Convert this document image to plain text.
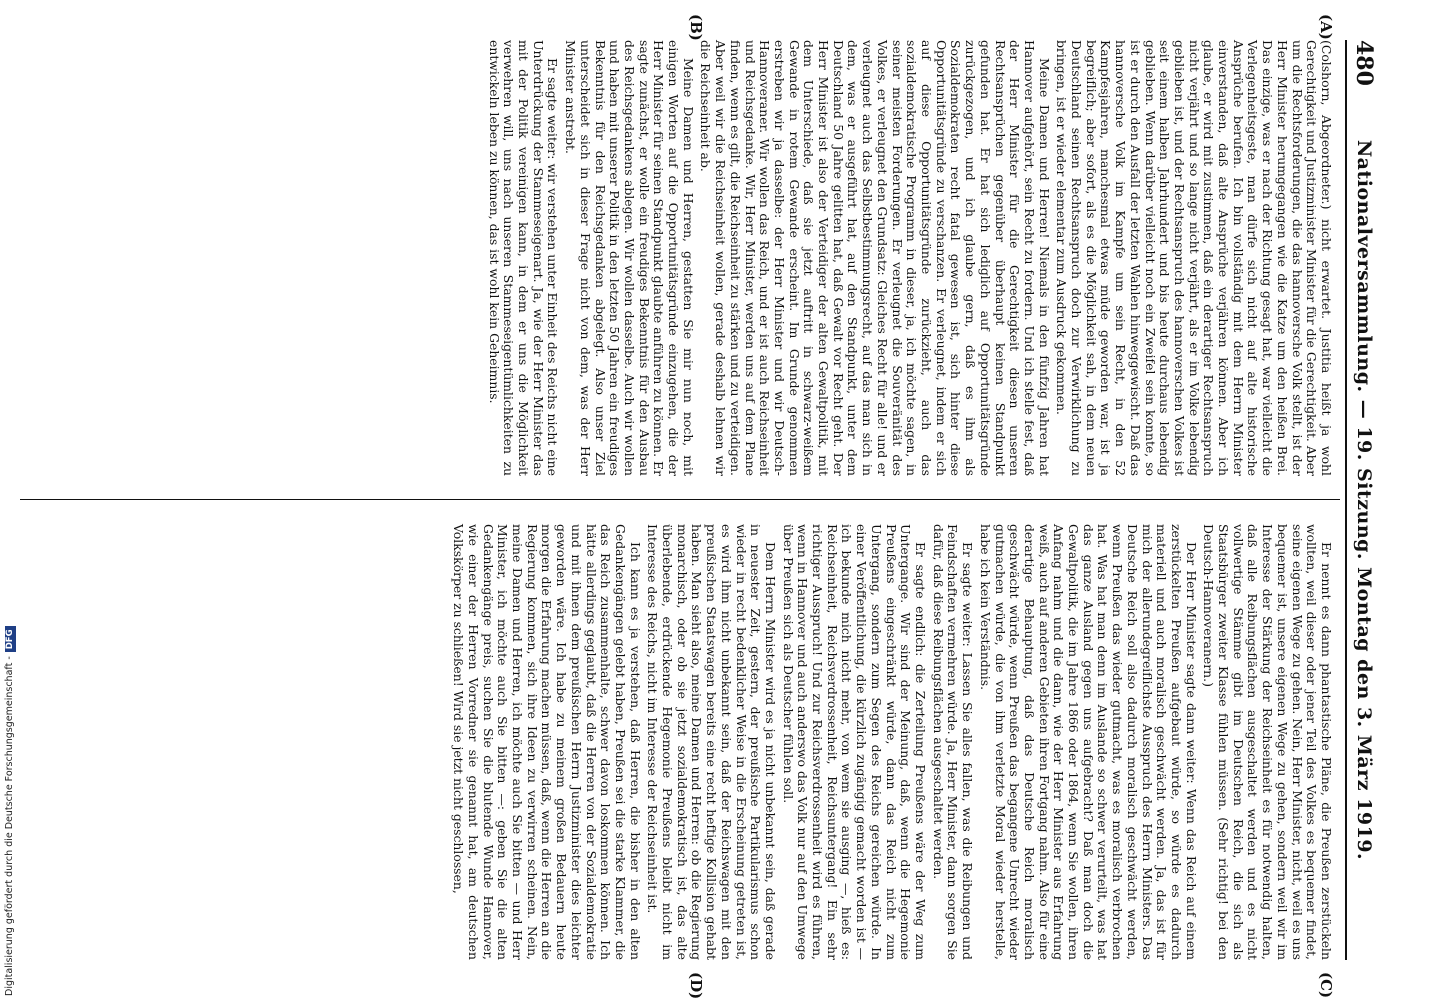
480
Nationalversammlung. — 19. Sitzung. Montag den 3. März 1919.
(A)
(B)
(C)
(D)

(Colshorn, Abgeordneter.) nicht erwartet. Justitia heißt ja wohl Gerechtigkeit und Justizminister Minister für die Gerechtigkeit. Aber um die Rechtsforderungen, die das hannoversche Volk stellt, ist der Herr Minister herumgegangen wie die Katze um den heißen Brei. Das einzige, was er nach der Richtung gesagt hat, war vielleicht die Verlegenheitsgeste, man dürfe sich nicht auf alte historische Ansprüche berufen. Ich bin vollständig mit dem Herrn Minister einverstanden, daß alte Ansprüche verjähren können. Aber ich glaube, er wird mit zustimmen, daß ein derartiger Rechtsanspruch nicht verjährt und so lange nicht verjährt, als er im Volke lebendig geblieben ist, und der Rechtsanspruch des hannoverschen Volkes ist seit einem halben Jahrhundert und bis heute durchaus lebendig geblieben. Wenn darüber vielleicht noch ein Zweifel sein konnte, so ist er durch den Ausfall der letzten Wahlen hinweggewischt. Daß das hannoversche Volk im Kampfe um sein Recht, in den 52 Kampfesjahren, manchesmal etwas müde geworden war, ist ja begreiflich; aber sofort, als es die Möglichkeit sah, in dem neuen Deutschland seinen Rechtsanspruch doch zur Verwirklichung zu bringen, ist er wieder elementar zum Ausdruck gekommen.

Meine Damen und Herren! Niemals in den fünfzig Jahren hat Hannover aufgehört, sein Recht zu fordern. Und ich stelle fest, daß der Herr Minister für die Gerechtigkeit diesen unseren Rechtsansprüchen gegenüber überhaupt keinen Standpunkt gefunden hat. Er hat sich lediglich auf Opportunitätsgründe zurückgezogen, und ich glaube gern, daß es ihm als Sozialdemokraten recht fatal gewesen ist, sich hinter diese Opportunitätsgründe zu verschanzen. Er verleugnet, indem er sich auf diese Opportunitätsgründe zurückzieht, auch das sozialdemokratische Programm in dieser, ja, ich möchte sagen, in seiner meisten Forderungen. Er verleugnet die Souveränität des Volkes, er verleugnet den Grundsatz: Gleiches Recht für alle! und er verleugnet auch das Selbstbestimmungsrecht, auf das man sich in dem, was er ausgeführt hat, auf den Standpunkt, unter dem Deutschland 50 Jahre gelitten hat, daß Gewalt vor Recht geht. Der Herr Minister ist also der Verteidiger der alten Gewaltpolitik, mit dem Unterschiede, daß sie jetzt auftritt in schwarz-weißem Gewande in rotem Gewande erscheint. Im Grunde genommen erstreben wir ja dasselbe: der Herr Minister und wir Deutsch-Hannoveraner. Wir wollen das Reich, und er ist auch Reichseinheit und Reichsgedanke. Wir, Herr Minister, werden uns auf dem Plane finden, wenn es gilt, die Reichseinheit zu stärken und zu verteidigen. Aber weil wir die Reichseinheit wollen, gerade deshalb lehnen wir die Reichseinheit ab.

Meine Damen und Herren, gestatten Sie mir nun noch, mit einigen Worten auf die Opportunitätsgründe einzugehen, die der Herr Minister für seinen Standpunkt glaubte anführen zu können. Er sagte zunächst, er wolle ein freudiges Bekenntnis für den Ausbau des Reichsgedankens ablegen. Wir wollen dasselbe. Auch wir wollen und haben mit unserer Politik in den letzten 50 Jahren ein freudiges Bekenntnis für den Reichsgedanken abgelegt. Also unser Ziel unterscheidet sich in dieser Frage nicht von dem, was der Herr Minister anstrebt.

Er sagte weiter: wir verstehen unter Einheit des Reichs nicht eine Unterdrückung der Stammeseigenart. Ja, wie der Herr Minister das mit der Politik vereinigen kann, in dem er uns die Möglichkeit verwehren will, uns nach unseren Stammeseigentümlichkeiten zu entwickeln leben zu können, das ist wohl kein Geheimnis.

Er nennt es dann phantastische Pläne, die Preußen zerstückeln wollten, weil dieser oder jener Teil des Volkes es bequemer findet, seine eigenen Wege zu gehen. Nein, Herr Minister, nicht, weil es uns bequemer ist, unsere eigenen Wege zu gehen, sondern weil wir im Interesse der Stärkung der Reichseinheit es für notwendig halten, daß alle Reibungsflächen ausgeschaltet werden und es nicht vollwertige Stämme gibt im Deutschen Reich, die sich als Staatsbürger zweiter Klasse fühlen müssen. (Sehr richtig! bei den Deutsch-Hannoveranern.)

Der Herr Minister sagte dann weiter: Wenn das Reich auf einem zerstückelten Preußen aufgebaut würde, so würde es dadurch materiell und auch moralisch geschwächt werden. Ja, das ist für mich der allerundegreiflichste Ausspruch des Herrn Ministers. Das Deutsche Reich soll also dadurch moralisch geschwächt werden, wenn Preußen das wieder gutmacht, was es moralisch verbrochen hat. Was hat man denn im Auslande so schwer verurteilt, was hat das ganze Ausland gegen uns aufgebracht? Daß man doch die Gewaltpolitik, die im Jahre 1866 oder 1864, wenn Sie wollen, ihren Anfang nahm und die dann, wie der Herr Minister aus Erfahrung weiß, auch auf anderen Gebieten ihren Fortgang nahm. Also für eine derartige Behauptung, daß das Deutsche Reich moralisch geschwächt würde, wenn Preußen das begangene Unrecht wieder gutmachen würde, die von ihm verletzte Moral wieder herstelle, habe ich kein Verständnis.

Er sagte weiter: Lassen Sie alles fallen, was die Reibungen und Feindschaften vermehren würde. Ja, Herr Minister, dann sorgen Sie dafür, daß diese Reibungsflächen ausgeschaltet werden.

Er sagte endlich: die Zerteilung Preußens wäre der Weg zum Untergange. Wir sind der Meinung, daß, wenn die Hegemonie Preußens eingeschränkt würde, dann das Reich nicht zum Untergang, sondern zum Segen des Reichs gereichen würde. In einer Veröffentlichung, die kürzlich zugängig gemacht worden ist — ich bekunde mich nicht mehr, von wem sie ausging —, hieß es: Reichseinheit, Reichsverdrossenheit, Reichsuntergang! Ein sehr richtiger Ausspruch! Und zur Reichsverdrossenheit wird es führen, wenn in Hannover und auch anderswo das Volk nur auf den Umwege über Preußen sich als Deutscher fühlen soll.

Dem Herrn Minister wird es ja nicht unbekannt sein, daß gerade in neuester Zeit, gestern, der preußische Partikularismus schon wieder in recht bedenklicher Weise in die Erscheinung getreten ist, es wird ihm nicht unbekannt sein, daß der Reichswagen mit den preußischen Staatswagen bereits eine recht heftige Kollision gehabt haben. Man sieht also, meine Damen und Herren: ob die Regierung monarchisch, oder ob sie jetzt sozialdemokratisch ist, das alte überlebende, erdrückende Hegemonie Preußens bleibt nicht im Interesse des Reichs, nicht im Interesse der Reichseinheit ist.

Ich kann es ja verstehen, daß Herren, die bisher in den alten Gedankengängen gelebt haben, Preußen sei die starke Klammer, die das Reich zusammenhalte, schwer davon loskommen können. Ich hätte allerdings geglaubt, daß die Herren von der Sozialdemokratie und mit ihnen dem preußischen Herrn Justizminister dies leichter geworden wäre. Ich habe zu meinem großen Bedauern heute morgen die Erfahrung machen müssen, daß, wenn die Herren an die Regierung kommen, sich ihre Ideen zu verwirren scheinen. Nein, meine Damen und Herren, ich möchte auch Sie bitten — und Herr Minister, ich möchte auch Sie bitten —: geben Sie die alten Gedankengänge preis, suchen Sie die blutende Wunde Hannover, wie einer der Herren Vorredner sie genannt hat, am deutschen Volkskörper zu schließen! Wird sie jetzt nicht geschlossen,

Digitalisierung gefördert durch die Deutsche Forschungsgemeinschaft -DFG
